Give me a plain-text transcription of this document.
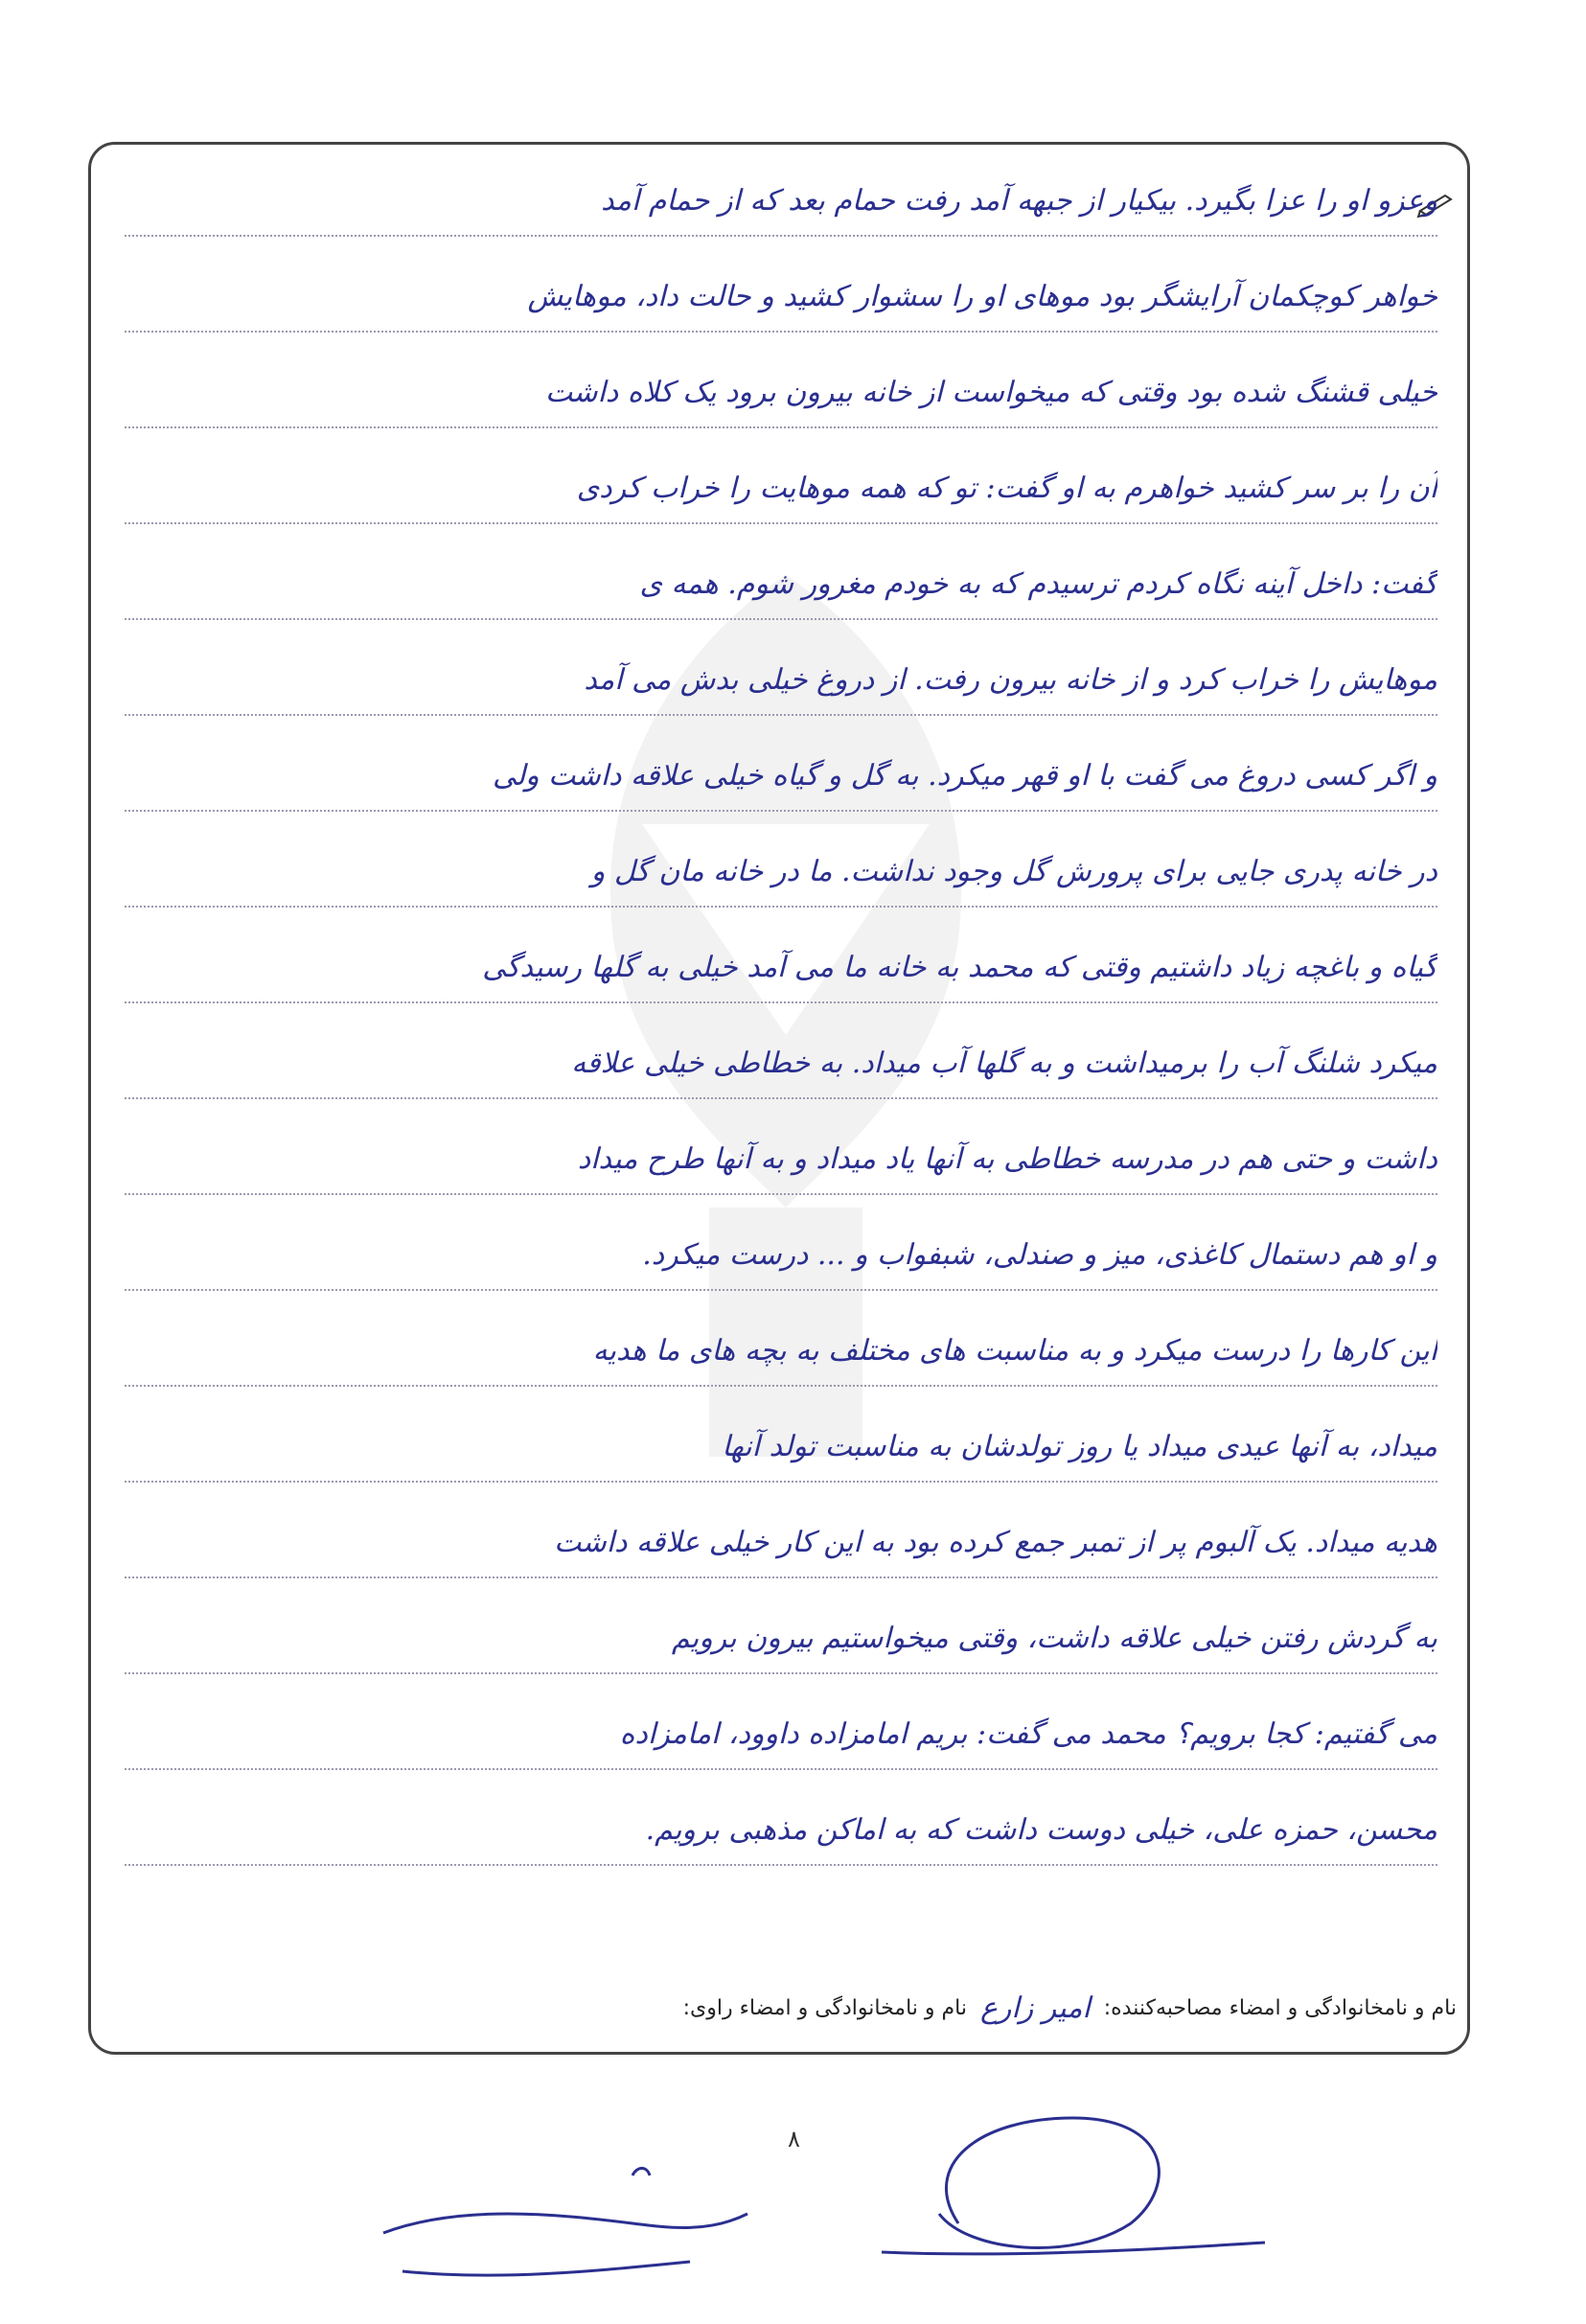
وعزو او را عزا بگیرد. بیکیار از جبهه آمد رفت حمام بعد که از حمام آمد
خواهر کوچکمان آرایشگر بود موهای او را سشوار کشید و حالت داد، موهایش
خیلی قشنگ شده بود وقتی که میخواست از خانه بیرون برود یک کلاه داشت
آن را بر سر کشید خواهرم به او گفت: تو که همه موهایت را خراب کردی
گفت: داخل آینه نگاه کردم ترسیدم که به خودم مغرور شوم. همه ی
موهایش را خراب کرد و از خانه بیرون رفت. از دروغ خیلی بدش می آمد
و اگر کسی دروغ می گفت با او قهر میکرد. به گل و گیاه خیلی علاقه داشت ولی
در خانه پدری جایی برای پرورش گل وجود نداشت. ما در خانه مان گل و
گیاه و باغچه زیاد داشتیم وقتی که محمد به خانه ما می آمد خیلی به گلها رسیدگی
میکرد شلنگ آب را برمیداشت و به گلها آب میداد. به خطاطی خیلی علاقه
داشت و حتی هم در مدرسه خطاطی به آنها یاد میداد و به آنها طرح میداد
و او هم دستمال کاغذی، میز و صندلی، شبفواب و ... درست میکرد.
این کارها را درست میکرد و به مناسبت های مختلف به بچه های ما هدیه
میداد، به آنها عیدی میداد یا روز تولدشان به مناسبت تولد آنها
هدیه میداد. یک آلبوم پر از تمبر جمع کرده بود به این کار خیلی علاقه داشت
به گردش رفتن خیلی علاقه داشت، وقتی میخواستیم بیرون برویم
می گفتیم: کجا برویم؟ محمد می گفت: بریم امامزاده داوود، امامزاده
محسن، حمزه علی، خیلی دوست داشت که به اماکن مذهبی برویم.
نام و نامخانوادگی و امضاء مصاحبه‌کننده:
امیر زارع
نام و نامخانوادگی و امضاء راوی:
۸
